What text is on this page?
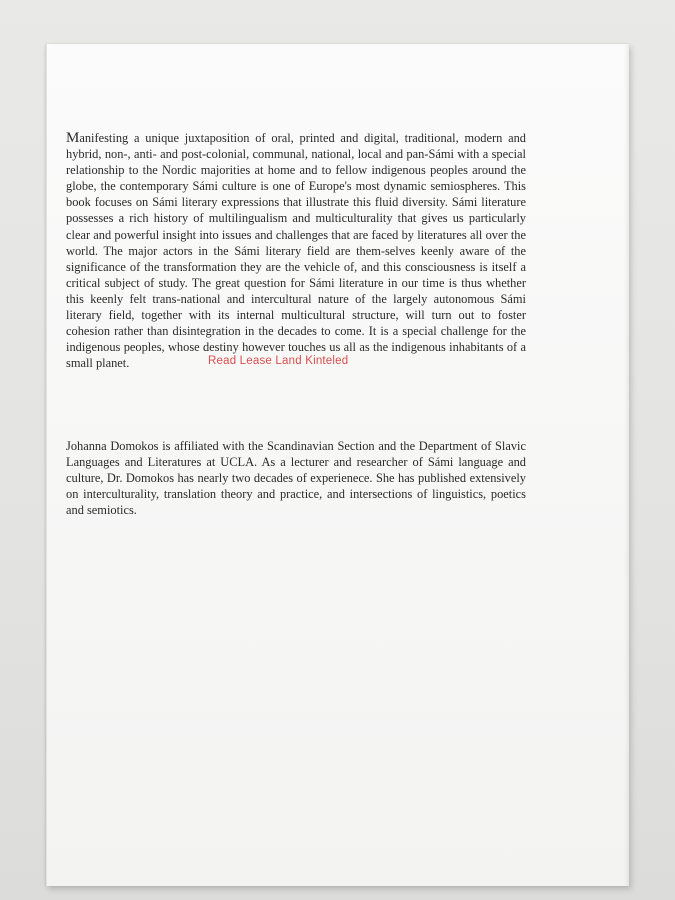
Manifesting a unique juxtaposition of oral, printed and digital, traditional, modern and hybrid, non-, anti- and post-colonial, communal, national, local and pan-Sámi with a special relationship to the Nordic majorities at home and to fellow indigenous peoples around the globe, the contemporary Sámi culture is one of Europe's most dynamic semiospheres. This book focuses on Sámi literary expressions that illustrate this fluid diversity. Sámi literature possesses a rich history of multilingualism and multiculturality that gives us particularly clear and powerful insight into issues and challenges that are faced by literatures all over the world. The major actors in the Sámi literary field are them-selves keenly aware of the significance of the transformation they are the vehicle of, and this consciousness is itself a critical subject of study. The great question for Sámi literature in our time is thus whether this keenly felt trans-national and intercultural nature of the largely autonomous Sámi literary field, together with its internal multicultural structure, will turn out to foster cohesion rather than disintegration in the decades to come. It is a special challenge for the indigenous peoples, whose destiny however touches us all as the indigenous inhabitants of a small planet.	Read Lease Land Kinteled

Johanna Domokos is affiliated with the Scandinavian Section and the Department of Slavic Languages and Literatures at UCLA. As a lecturer and researcher of Sámi language and culture, Dr. Domokos has nearly two decades of experienece. She has published extensively on interculturality, translation theory and practice, and intersections of linguistics, poetics and semiotics.
